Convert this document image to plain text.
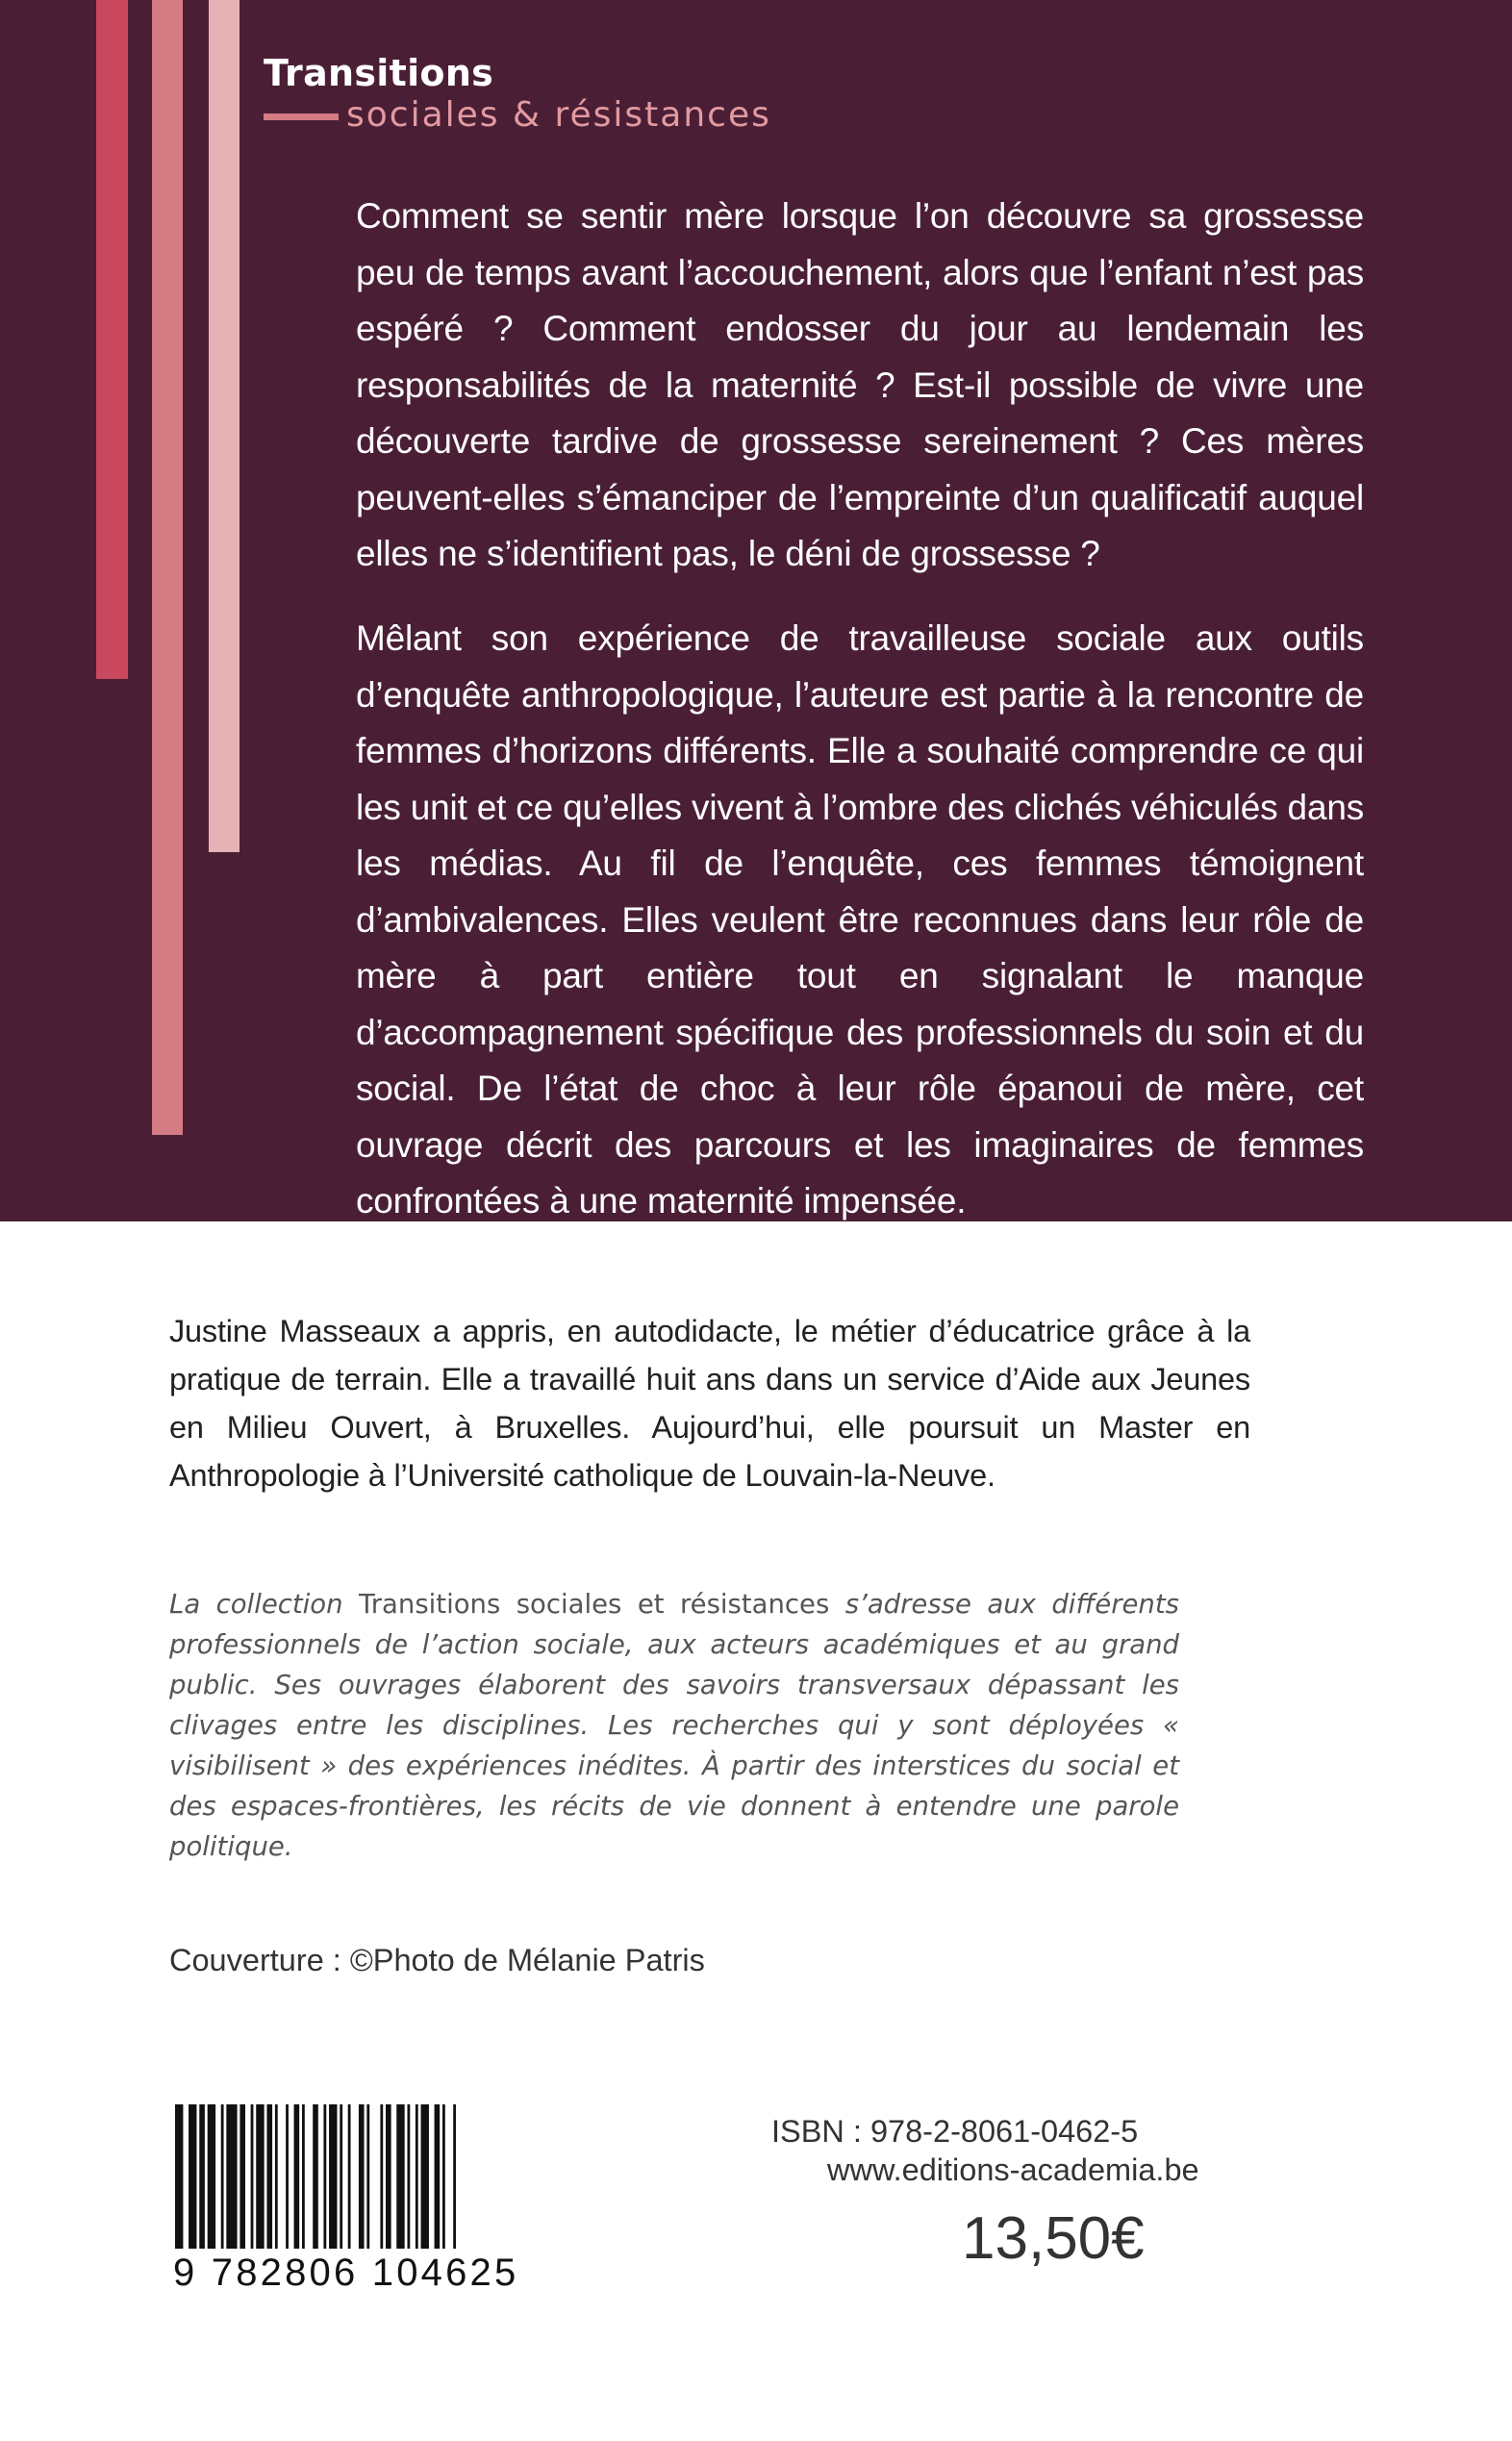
Transitions
sociales & résistances

Comment se sentir mère lorsque l’on découvre sa grossesse peu de temps avant l’accouchement, alors que l’enfant n’est pas espéré ? Comment endosser du jour au lendemain les responsabilités de la maternité ? Est-il possible de vivre une découverte tardive de grossesse sereinement ? Ces mères peuvent-elles s’émanciper de l’empreinte d’un qualificatif auquel elles ne s’identifient pas, le déni de grossesse ?

Mêlant son expérience de travailleuse sociale aux outils d’enquête anthropologique, l’auteure est partie à la rencontre de femmes d’horizons différents. Elle a souhaité comprendre ce qui les unit et ce qu’elles vivent à l’ombre des clichés véhiculés dans les médias. Au fil de l’enquête, ces femmes témoignent d’ambivalences. Elles veulent être reconnues dans leur rôle de mère à part entière tout en signalant le manque d’accompagnement spécifique des professionnels du soin et du social. De l’état de choc à leur rôle épanoui de mère, cet ouvrage décrit des parcours et les imaginaires de femmes confrontées à une maternité impensée.

Justine Masseaux a appris, en autodidacte, le métier d’éducatrice grâce à la pratique de terrain. Elle a travaillé huit ans dans un service d’Aide aux Jeunes en Milieu Ouvert, à Bruxelles. Aujourd’hui, elle poursuit un Master en Anthropologie à l’Université catholique de Louvain-la-Neuve.

La collection Transitions sociales et résistances s’adresse aux différents professionnels de l’action sociale, aux acteurs académiques et au grand public. Ses ouvrages élaborent des savoirs transversaux dépassant les clivages entre les disciplines. Les recherches qui y sont déployées « visibilisent » des expériences inédites. À partir des interstices du social et des espaces-frontières, les récits de vie donnent à entendre une parole politique.

Couverture : ©Photo de Mélanie Patris

9 782806 104625
ISBN : 978-2-8061-0462-5
www.editions-academia.be
13,50€
